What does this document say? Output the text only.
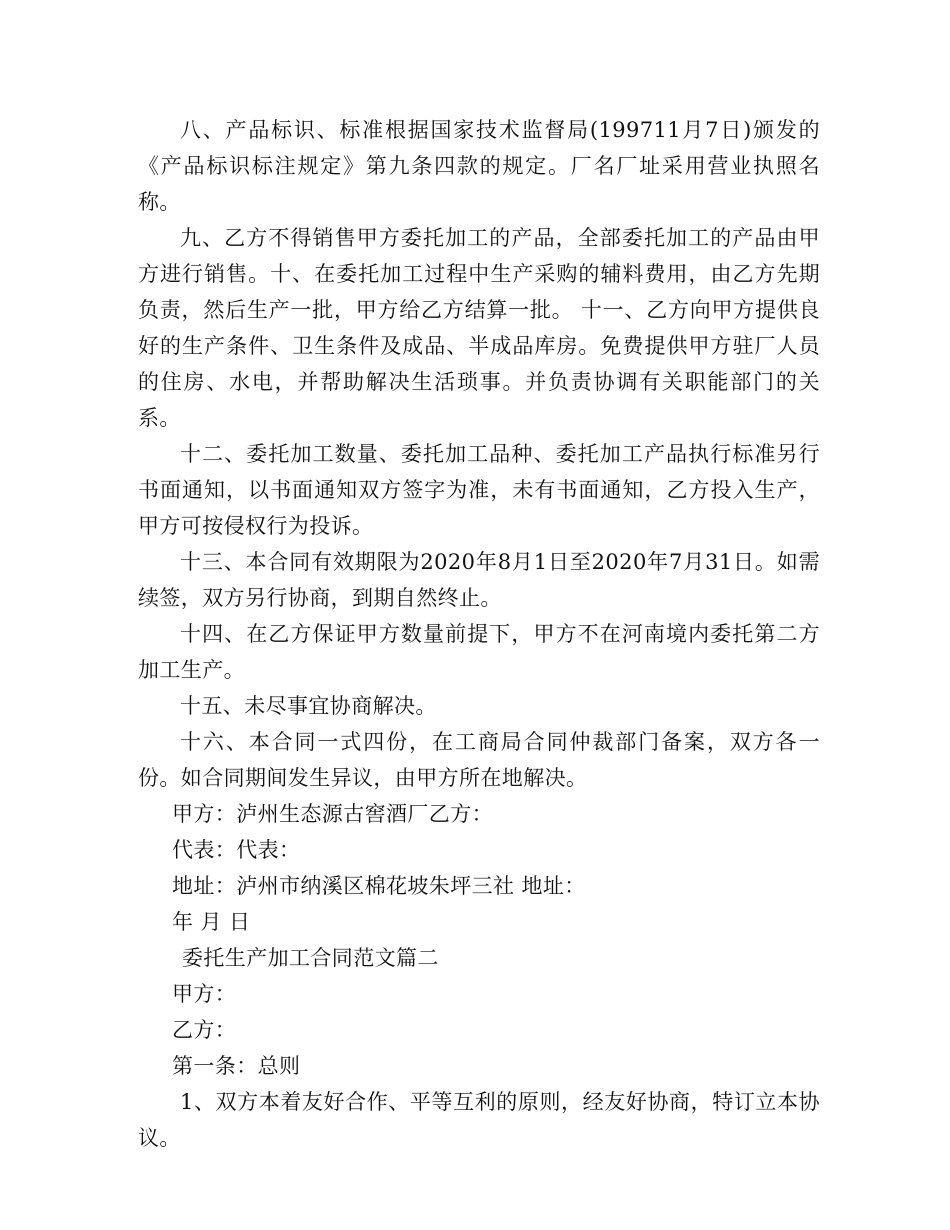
八、产品标识、标准根据国家技术监督局(199711月7日)颁发的《产品标识标注规定》第九条四款的规定。厂名厂址采用营业执照名称。

九、乙方不得销售甲方委托加工的产品，全部委托加工的产品由甲方进行销售。十、在委托加工过程中生产采购的辅料费用，由乙方先期负责，然后生产一批，甲方给乙方结算一批。 十一、乙方向甲方提供良好的生产条件、卫生条件及成品、半成品库房。免费提供甲方驻厂人员的住房、水电，并帮助解决生活琐事。并负责协调有关职能部门的关系。

十二、委托加工数量、委托加工品种、委托加工产品执行标准另行书面通知，以书面通知双方签字为准，未有书面通知，乙方投入生产，甲方可按侵权行为投诉。

十三、本合同有效期限为2020年8月1日至2020年7月31日。如需续签，双方另行协商，到期自然终止。

十四、在乙方保证甲方数量前提下，甲方不在河南境内委托第二方加工生产。

十五、未尽事宜协商解决。

十六、本合同一式四份，在工商局合同仲裁部门备案，双方各一份。如合同期间发生异议，由甲方所在地解决。

甲方：泸州生态源古窖酒厂乙方：

代表：代表：

地址：泸州市纳溪区棉花坡朱坪三社 地址：

年 月 日

委托生产加工合同范文篇二

甲方：

乙方：

第一条：总则

1、双方本着友好合作、平等互利的原则，经友好协商，特订立本协议。
